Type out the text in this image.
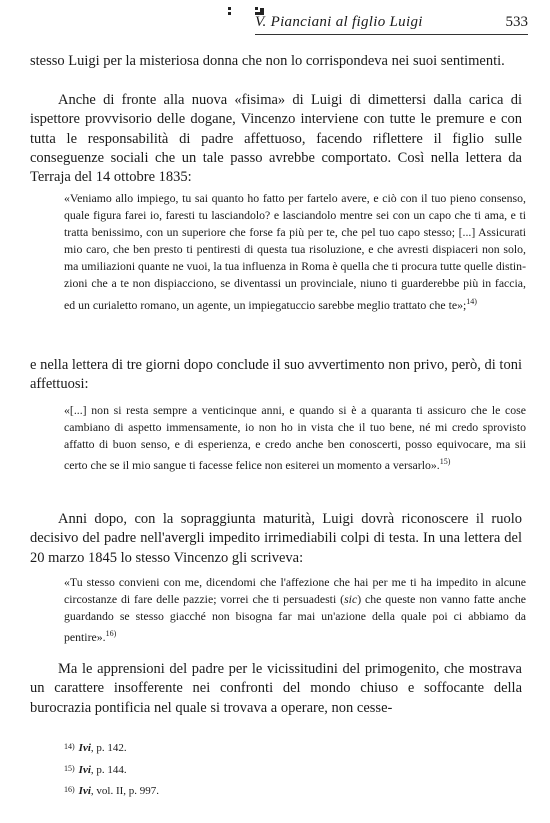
V. Pianciani al figlio Luigi	533

stesso Luigi per la misteriosa donna che non lo corrispondeva nei suoi sentimenti.

Anche di fronte alla nuova «fisima» di Luigi di dimettersi dalla carica di ispettore provvisorio delle dogane, Vincenzo interviene con tutte le premure e con tutta le responsabilità di padre affettuoso, facendo riflettere il figlio sulle conseguenze sociali che un tale passo avrebbe comportato. Così nella lettera da Terraja del 14 ottobre 1835:

«Veniamo allo impiego, tu sai quanto ho fatto per fartelo avere, e ciò con il tuo pieno consenso, quale figura farei io, faresti tu lasciandolo? e lasciandolo mentre sei con un capo che ti ama, e ti tratta benissimo, con un superiore che forse fa più per te, che pel tuo capo stesso; [...] Assicurati mio caro, che ben presto ti pentiresti di questa tua risoluzione, e che avresti dispiaceri non solo, ma umiliazioni quante ne vuoi, la tua influenza in Roma è quella che ti procura tutte quelle distinzioni che a te non dispiacciono, se diventassi un provinciale, niuno ti guarderebbe più in faccia, ed un curialetto romano, un agente, un impiegatuccio sarebbe meglio trattato che te»;$^{14)}$

e nella lettera di tre giorni dopo conclude il suo avvertimento non privo, però, di toni affettuosi:

«[...] non si resta sempre a venticinque anni, e quando si è a quaranta ti assicuro che le cose cambiano di aspetto immensamente, io non ho in vista che il tuo bene, né mi credo sprovisto affatto di buon senso, e di esperienza, e credo anche ben conoscerti, posso equivocare, ma sii certo che se il mio sangue ti facesse felice non esiterei un momento a versarlo».$^{15)}$

Anni dopo, con la sopraggiunta maturità, Luigi dovrà riconoscere il ruolo decisivo del padre nell'avergli impedito irrimediabili colpi di testa. In una lettera del 20 marzo 1845 lo stesso Vincenzo gli scriveva:

«Tu stesso convieni con me, dicendomi che l'affezione che hai per me ti ha impedito in alcune circostanze di fare delle pazzie; vorrei che ti persuadesti (sic) che queste non vanno fatte anche guardando se stesso giacché non bisogna far mai un'azione della quale poi ci abbiamo da pentire».$^{16)}$

Ma le apprensioni del padre per le vicissitudini del primogenito, che mostrava un carattere insofferente nei confronti del mondo chiuso e soffocante della burocrazia pontificia nel quale si trovava a operare, non cesse-

14) Ivi, p. 142.
15) Ivi, p. 144.
16) Ivi, vol. II, p. 997.
